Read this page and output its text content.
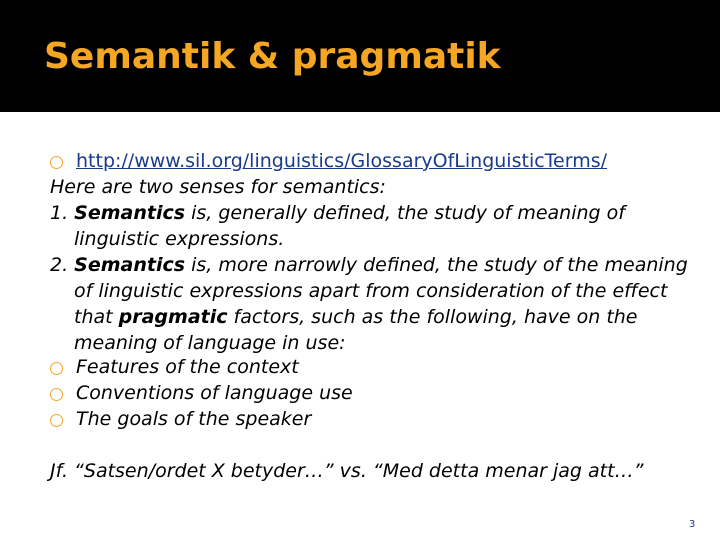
Semantik & pragmatik
http://www.sil.org/linguistics/GlossaryOfLinguisticTerms/
Here are two senses for semantics:
1. Semantics is, generally defined, the study of meaning of
linguistic expressions.
2. Semantics is, more narrowly defined, the study of the meaning
of linguistic expressions apart from consideration of the effect
that pragmatic factors, such as the following, have on the
meaning of language in use:
Features of the context
Conventions of language use
The goals of the speaker
Jf. “Satsen/ordet X betyder…” vs. “Med detta menar jag att…”
3
